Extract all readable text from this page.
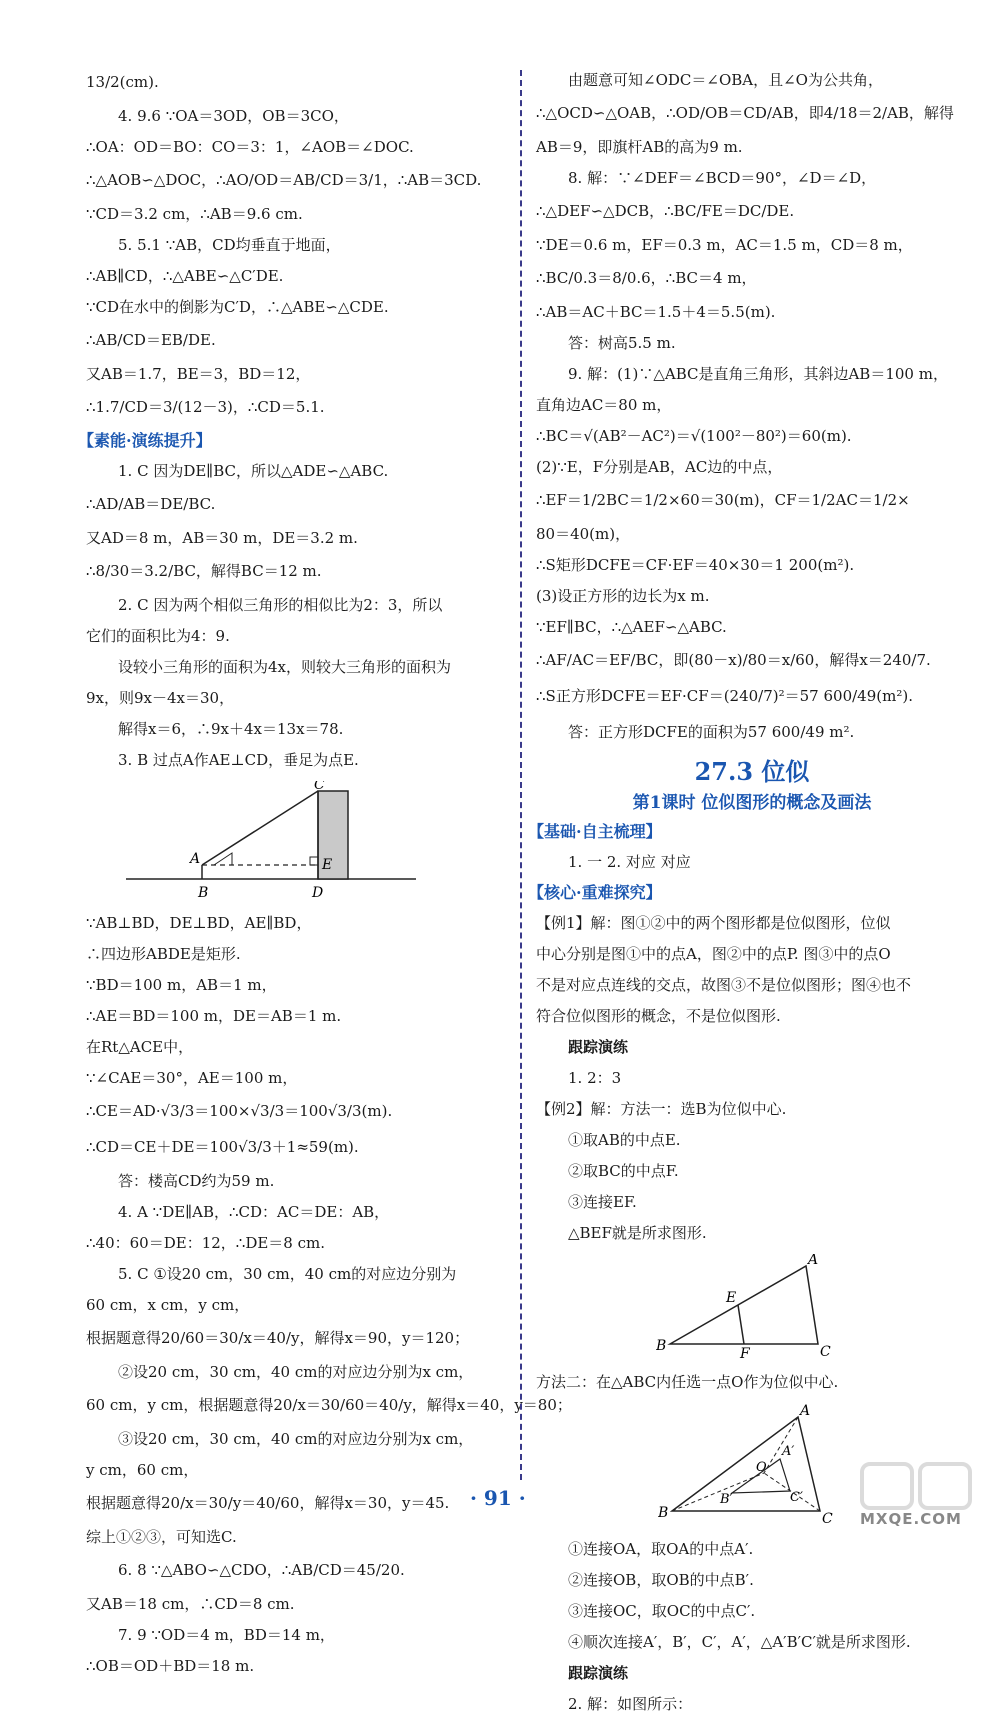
13/2(cm).
4. 9.6 ∵OA＝3OD，OB＝3CO，
∴OA：OD＝BO：CO＝3：1，∠AOB＝∠DOC.
∴△AOB∽△DOC，∴AO/OD＝AB/CD＝3/1，∴AB＝3CD.
∵CD＝3.2 cm，∴AB＝9.6 cm.
5. 5.1 ∵AB，CD均垂直于地面，
∴AB∥CD，∴△ABE∽△C′DE.
∵CD在水中的倒影为C′D，∴△ABE∽△CDE.
∴AB/CD＝EB/DE.
又AB＝1.7，BE＝3，BD＝12，
∴1.7/CD＝3/(12－3)，∴CD＝5.1.
【素能·演练提升】
1. C 因为DE∥BC，所以△ADE∽△ABC.
∴AD/AB＝DE/BC.
又AD＝8 m，AB＝30 m，DE＝3.2 m.
∴8/30＝3.2/BC，解得BC＝12 m.
2. C 因为两个相似三角形的相似比为2：3，所以
它们的面积比为4：9.
设较小三角形的面积为4x，则较大三角形的面积为
9x，则9x－4x＝30，
解得x＝6，∴9x＋4x＝13x＝78.
3. B 过点A作AE⊥CD，垂足为点E.
A
B
C
D
E
∵AB⊥BD，DE⊥BD，AE∥BD，
∴四边形ABDE是矩形.
∵BD＝100 m，AB＝1 m，
∴AE＝BD＝100 m，DE＝AB＝1 m.
在Rt△ACE中，
∵∠CAE＝30°，AE＝100 m，
∴CE＝AD·√3/3＝100×√3/3＝100√3/3(m).
∴CD＝CE＋DE＝100√3/3＋1≈59(m).
答：楼高CD约为59 m.
4. A ∵DE∥AB，∴CD：AC＝DE：AB，
∴40：60＝DE：12，∴DE＝8 cm.
5. C ①设20 cm，30 cm，40 cm的对应边分别为
60 cm，x cm，y cm，
根据题意得20/60＝30/x＝40/y，解得x＝90，y＝120；
②设20 cm，30 cm，40 cm的对应边分别为x cm，
60 cm，y cm，根据题意得20/x＝30/60＝40/y，解得x＝40，y＝80；
③设20 cm，30 cm，40 cm的对应边分别为x cm，
y cm，60 cm，
根据题意得20/x＝30/y＝40/60，解得x＝30，y＝45.
综上①②③，可知选C.
6. 8 ∵△ABO∽△CDO，∴AB/CD＝45/20.
又AB＝18 cm，∴CD＝8 cm.
7. 9 ∵OD＝4 m，BD＝14 m，
∴OB＝OD＋BD＝18 m.
由题意可知∠ODC＝∠OBA，且∠O为公共角，
∴△OCD∽△OAB，∴OD/OB＝CD/AB，即4/18＝2/AB，解得
AB＝9，即旗杆AB的高为9 m.
8. 解：∵∠DEF＝∠BCD＝90°，∠D＝∠D，
∴△DEF∽△DCB，∴BC/FE＝DC/DE.
∵DE＝0.6 m，EF＝0.3 m，AC＝1.5 m，CD＝8 m，
∴BC/0.3＝8/0.6，∴BC＝4 m，
∴AB＝AC＋BC＝1.5＋4＝5.5(m).
答：树高5.5 m.
9. 解：(1)∵△ABC是直角三角形，其斜边AB＝100 m，
直角边AC＝80 m，
∴BC＝√(AB²－AC²)＝√(100²－80²)＝60(m).
(2)∵E，F分别是AB，AC边的中点，
∴EF＝1/2BC＝1/2×60＝30(m)，CF＝1/2AC＝1/2×
80＝40(m)，
∴S矩形DCFE＝CF·EF＝40×30＝1 200(m²).
(3)设正方形的边长为x m.
∵EF∥BC，∴△AEF∽△ABC.
∴AF/AC＝EF/BC，即(80－x)/80＝x/60，解得x＝240/7.
∴S正方形DCFE＝EF·CF＝(240/7)²＝57 600/49(m²).
答：正方形DCFE的面积为57 600/49 m².
27.3 位似
第1课时 位似图形的概念及画法
【基础·自主梳理】
1. 一 2. 对应 对应
【核心·重难探究】
【例1】解：图①②中的两个图形都是位似图形，位似
中心分别是图①中的点A，图②中的点P. 图③中的点O
不是对应点连线的交点，故图③不是位似图形；图④也不
符合位似图形的概念，不是位似图形.
跟踪演练
1. 2：3
【例2】解：方法一：选B为位似中心.
①取AB的中点E.
②取BC的中点F.
③连接EF.
△BEF就是所求图形.
A
B	C
E
F
方法二：在△ABC内任选一点O作为位似中心.
A
B	C
O
A′
B′	C′
①连接OA，取OA的中点A′.
②连接OB，取OB的中点B′.
③连接OC，取OC的中点C′.
④顺次连接A′，B′，C′，A′，△A′B′C′就是所求图形.
跟踪演练
2. 解：如图所示：
· 91 ·
MXQE.COM
